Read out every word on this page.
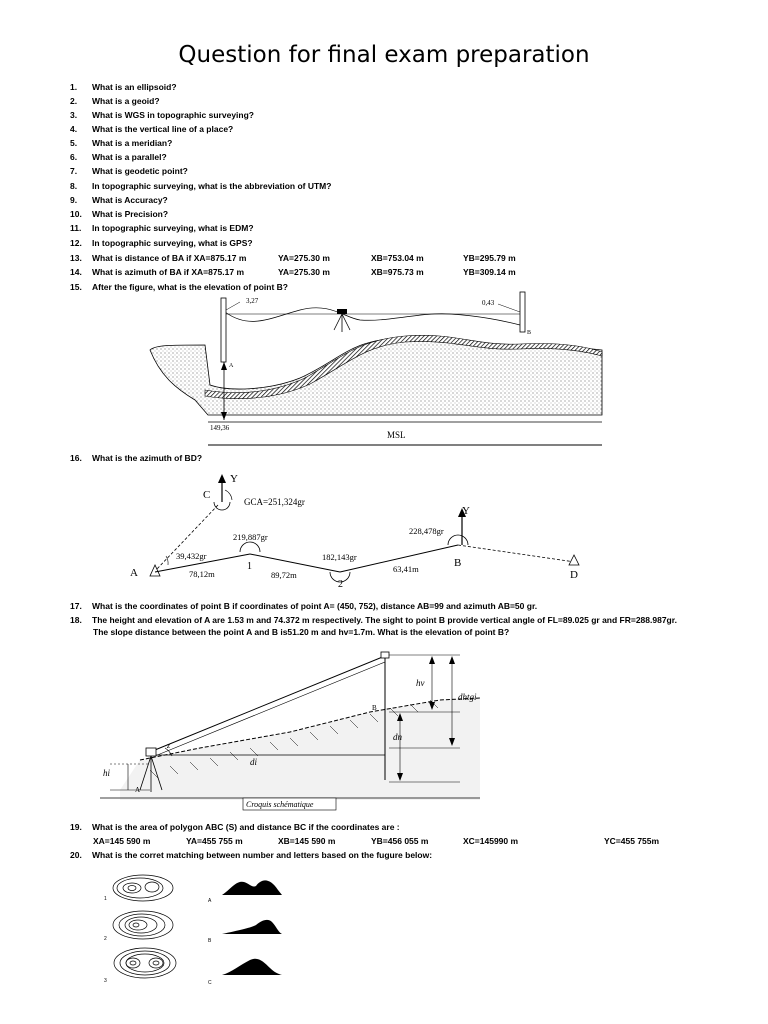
Question for final exam preparation
1. What is an ellipsoid?
2. What is a geoid?
3. What is WGS in topographic surveying?
4. What is the vertical line of a place?
5. What is a meridian?
6. What is a parallel?
7. What is geodetic point?
8. In topographic surveying, what is the abbreviation of UTM?
9. What is Accuracy?
10. What is Precision?
11. In topographic surveying, what is EDM?
12. In topographic surveying, what is GPS?
13. What is distance of BA if XA=875.17 m	YA=275.30 m	XB=753.04 m	YB=295.79 m
14. What is azimuth of BA if XA=875.17 m	YA=275.30 m	XB=975.73 m	YB=309.14 m
15. After the figure, what is the elevation of point B?
3,27	0,43
A
B
149,36
MSL
16. What is the azimuth of BD?
Y
C
GCA=251,324gr
A
Y
D
B
1
2
39,432gr
219,887gr
182,143gr
228,478gr
78,12m	89,72m
63,41m
17. What is the coordinates of point B if coordinates of point A= (450, 752), distance AB=99 and azimuth AB=50 gr.
18. The height and elevation of A are 1.53 m and 74.372 m respectively. The sight to point B provide vertical angle of FL=89.025 gr and FR=288.987gr.
The slope distance between the point A and B is51.20 m and hv=1.7m. What is the elevation of point B?
Croquis schématique
hv
dhtgi
dn
di
hi
z
B
A
19. What is the area of polygon ABC (S) and distance BC if the coordinates are :
XA=145 590 m	YA=455 755 m	XB=145 590 m	YB=456 055 m	XC=145990 m	YC=455 755m
20. What is the corret matching between number and letters based on the fugure below:
1
2
3
A
B
C
